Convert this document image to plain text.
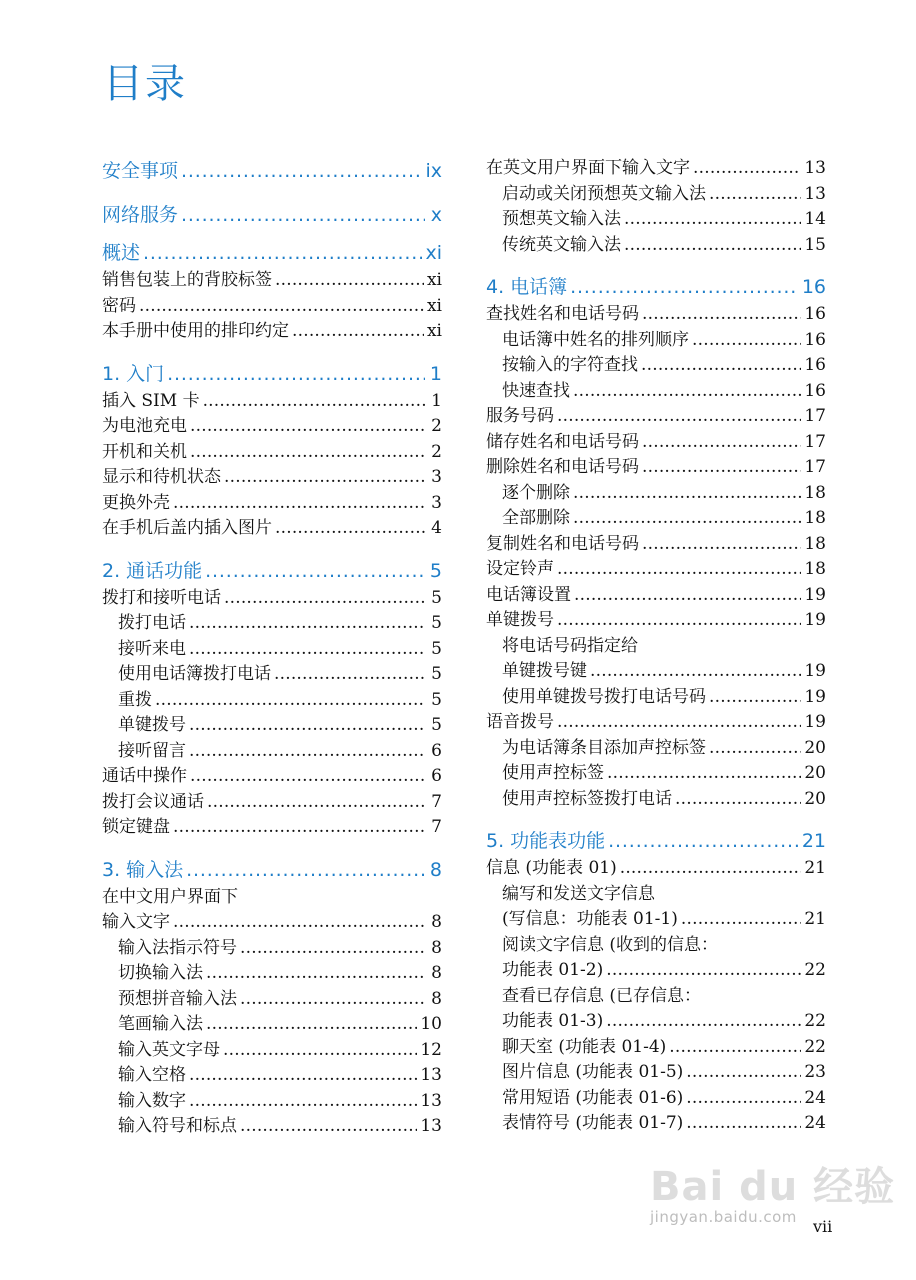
目录
安全事项 . . .	ix
网络服务 . . .	x
概述 . . .	xi
销售包装上的背胶标签 . . .	xi
密码 . . .	xi
本手册中使用的排印约定 . . .	xi
1. 入门 . . .	1
插入 SIM 卡 . . .	1
为电池充电 . . .	2
开机和关机 . . .	2
显示和待机状态 . . .	3
更换外壳 . . .	3
在手机后盖内插入图片 . . .	4
2. 通话功能 . . .	5
拨打和接听电话 . . .	5
拨打电话 . . .	5
接听来电 . . .	5
使用电话簿拨打电话 . . .	5
重拨 . . .	5
单键拨号 . . .	5
接听留言 . . .	6
通话中操作 . . .	6
拨打会议通话 . . .	7
锁定键盘 . . .	7
3. 输入法 . . .	8
在中文用户界面下
输入文字 . . .	8
输入法指示符号 . . .	8
切换输入法 . . .	8
预想拼音输入法 . . .	8
笔画输入法 . . .	10
输入英文字母 . . .	12
输入空格 . . .	13
输入数字 . . .	13
输入符号和标点 . . .	13
在英文用户界面下输入文字 . . .	13
启动或关闭预想英文输入法 . . .	13
预想英文输入法 . . .	14
传统英文输入法 . . .	15
4. 电话簿 . . .	16
查找姓名和电话号码 . . .	16
电话簿中姓名的排列顺序 . . .	16
按输入的字符查找 . . .	16
快速查找 . . .	16
服务号码 . . .	17
储存姓名和电话号码 . . .	17
删除姓名和电话号码 . . .	17
逐个删除 . . .	18
全部删除 . . .	18
复制姓名和电话号码 . . .	18
设定铃声 . . .	18
电话簿设置 . . .	19
单键拨号 . . .	19
将电话号码指定给
单键拨号键 . . .	19
使用单键拨号拨打电话号码 . . .	19
语音拨号 . . .	19
为电话簿条目添加声控标签 . . .	20
使用声控标签 . . .	20
使用声控标签拨打电话 . . .	20
5. 功能表功能 . . .	21
信息 (功能表 01) . . .	21
编写和发送文字信息
(写信息：功能表 01-1) . . .	21
阅读文字信息 (收到的信息：
功能表 01-2) . . .	22
查看已存信息 (已存信息：
功能表 01-3) . . .	22
聊天室 (功能表 01-4) . . .	22
图片信息 (功能表 01-5) . . .	23
常用短语 (功能表 01-6) . . .	24
表情符号 (功能表 01-7) . . .	24
Bai du 经验
jingyan.baidu.com vii
